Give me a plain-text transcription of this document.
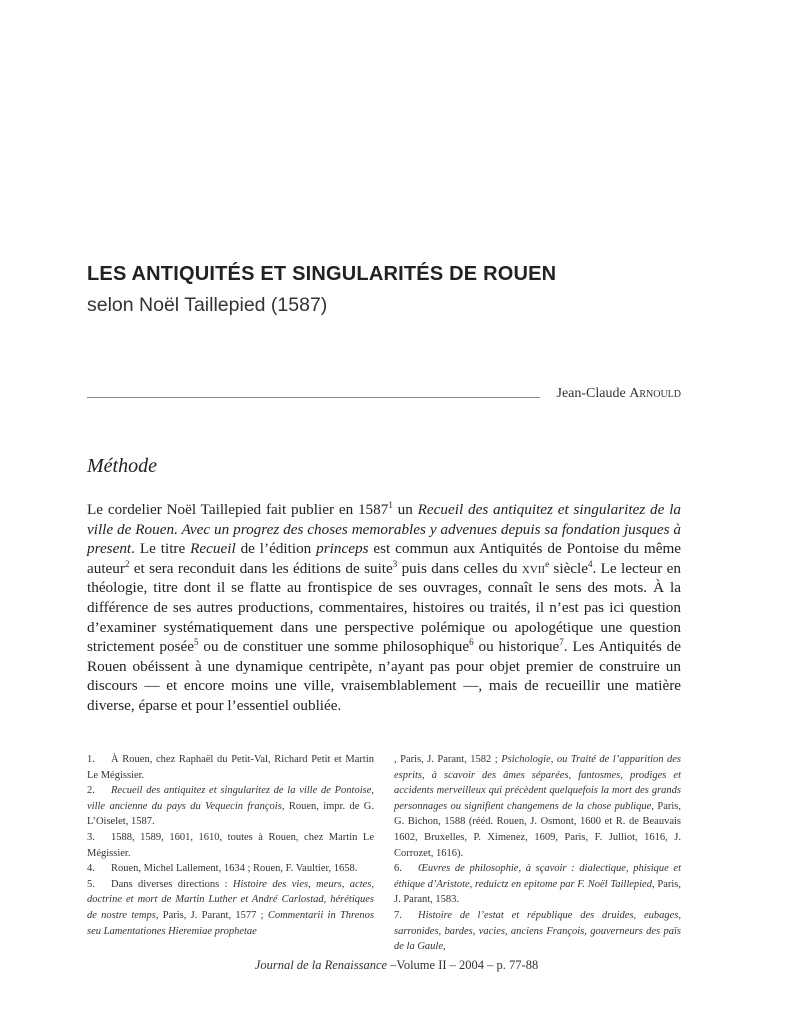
LES ANTIQUITÉS ET SINGULARITÉS DE ROUEN
selon Noël Taillepied (1587)
Jean-Claude Arnould
Méthode
Le cordelier Noël Taillepied fait publier en 1587$^1$ un Recueil des antiquitez et singularitez de la ville de Rouen. Avec un progrez des choses memorables y advenues depuis sa fondation jusques à present. Le titre Recueil de l’édition princeps est commun aux Antiquités de Pontoise du même auteur$^2$ et sera reconduit dans les éditions de suite$^3$ puis dans celles du xvii$^e$ siècle$^4$. Le lecteur en théologie, titre dont il se flatte au frontispice de ses ouvrages, connaît le sens des mots. À la différence de ses autres productions, commentaires, histoires ou traités, il n’est pas ici question d’examiner systématiquement dans une perspective polémique ou apologétique une question strictement posée$^5$ ou de constituer une somme philosophique$^6$ ou historique$^7$. Les Antiquités de Rouen obéissent à une dynamique centripète, n’ayant pas pour objet premier de construire un discours — et encore moins une ville, vraisemblablement —, mais de recueillir une matière diverse, éparse et pour l’essentiel oubliée.
1. À Rouen, chez Raphaël du Petit-Val, Richard Petit et Martin Le Mégissier.
2. Recueil des antiquitez et singularitez de la ville de Pontoise, ville ancienne du pays du Vequecin françois, Rouen, impr. de G. L’Oiselet, 1587.
3. 1588, 1589, 1601, 1610, toutes à Rouen, chez Martin Le Mégissier.
4. Rouen, Michel Lallement, 1634 ; Rouen, F. Vaultier, 1658.
5. Dans diverses directions : Histoire des vies, meurs, actes, doctrine et mort de Martin Luther et André Carlostad, hérétiques de nostre temps, Paris, J. Parant, 1577 ; Commentarii in Threnos seu Lamentationes Hieremiae prophetae
, Paris, J. Parant, 1582 ; Psichologie, ou Traité de l’apparition des esprits, à scavoir des âmes séparées, fantosmes, prodiges et accidents merveilleux qui précèdent quelquefois la mort des grands personnages ou signifient changemens de la chose publique, Paris, G. Bichon, 1588 (rééd. Rouen, J. Osmont, 1600 et R. de Beauvais 1602, Bruxelles, P. Ximenez, 1609, Paris, F. Julliot, 1616, J. Corrozet, 1616).
6. Œuvres de philosophie, à sçavoir : dialectique, phisique et éthique d’Aristote, reduictz en epitome par F. Noël Taillepied, Paris, J. Parant, 1583.
7. Histoire de l’estat et république des druides, eubages, sarronides, bardes, vacies, anciens François, gouverneurs des païs de la Gaule,
Journal de la Renaissance –Volume II – 2004 – p. 77-88
